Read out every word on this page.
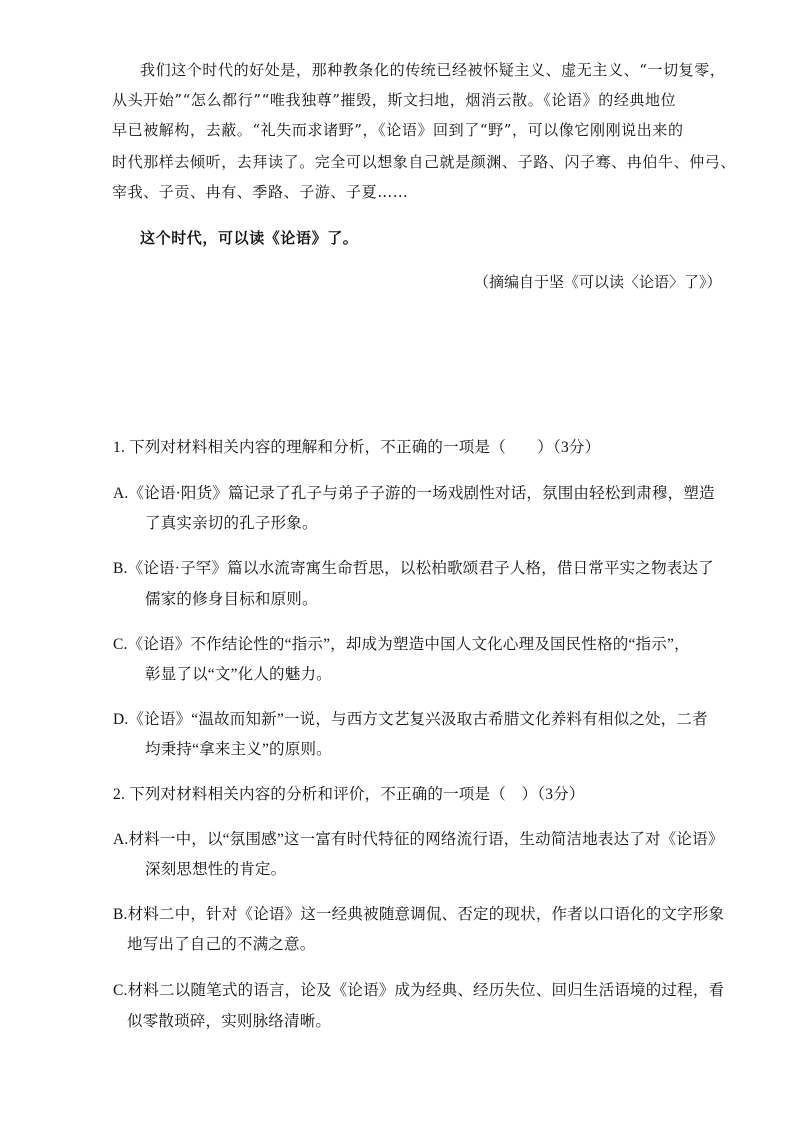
我们这个时代的好处是，那种教条化的传统已经被怀疑主义、虚无主义、“一切复零，
从头开始”“怎么都行”“唯我独尊”摧毁，斯文扫地，烟消云散。《论语》的经典地位
早已被解构，去蔽。“礼失而求诸野”，《论语》回到了“野”，可以像它刚刚说出来的
时代那样去倾听，去拜读了。完全可以想象自己就是颜渊、子路、闪子骞、冉伯牛、仲弓、
宰我、子贡、冉有、季路、子游、子夏……
这个时代，可以读《论语》了。
（摘编自于坚《可以读〈论语〉了》）
1. 下列对材料相关内容的理解和分析，不正确的一项是（　　）（3分）
A.《论语·阳货》篇记录了孔子与弟子子游的一场戏剧性对话，氛围由轻松到肃穆，塑造
了真实亲切的孔子形象。
B.《论语·子罕》篇以水流寄寓生命哲思，以松柏歌颂君子人格，借日常平实之物表达了
儒家的修身目标和原则。
C.《论语》不作结论性的“指示”，却成为塑造中国人文化心理及国民性格的“指示”，
彰显了以“文”化人的魅力。
D.《论语》“温故而知新”一说，与西方文艺复兴汲取古希腊文化养料有相似之处，二者
均秉持“拿来主义”的原则。
2. 下列对材料相关内容的分析和评价，不正确的一项是（　）（3分）
A.材料一中，以“氛围感”这一富有时代特征的网络流行语，生动简洁地表达了对《论语》
深刻思想性的肯定。
B.材料二中，针对《论语》这一经典被随意调侃、否定的现状，作者以口语化的文字形象
地写出了自己的不满之意。
C.材料二以随笔式的语言，论及《论语》成为经典、经历失位、回归生活语境的过程，看
似零散琐碎，实则脉络清晰。
